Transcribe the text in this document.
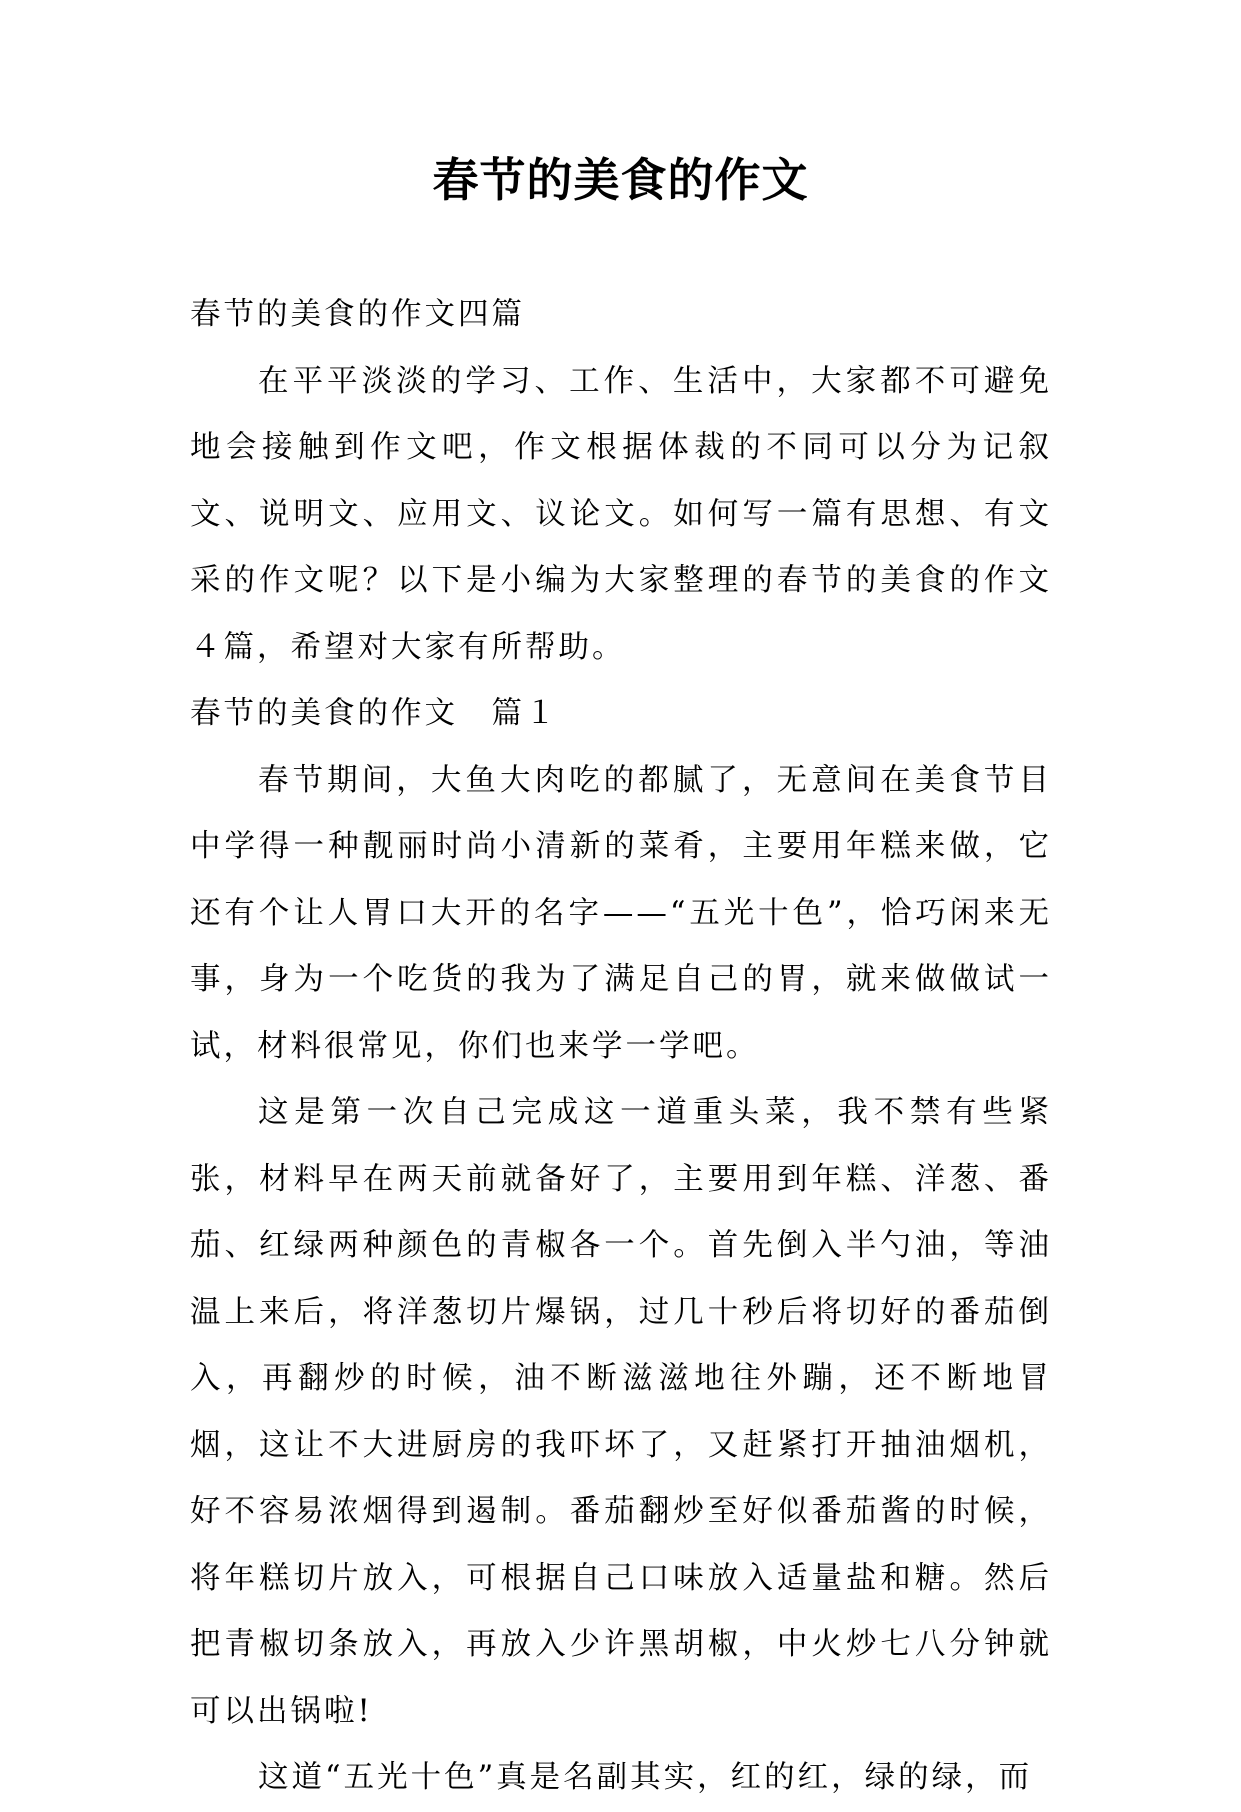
春节的美食的作文

春节的美食的作文四篇

在平平淡淡的学习、工作、生活中，大家都不可避免地会接触到作文吧，作文根据体裁的不同可以分为记叙文、说明文、应用文、议论文。如何写一篇有思想、有文采的作文呢？以下是小编为大家整理的春节的美食的作文４篇，希望对大家有所帮助。

春节的美食的作文　篇１

春节期间，大鱼大肉吃的都腻了，无意间在美食节目中学得一种靓丽时尚小清新的菜肴，主要用年糕来做，它还有个让人胃口大开的名字——“五光十色”，恰巧闲来无事，身为一个吃货的我为了满足自己的胃，就来做做试一试，材料很常见，你们也来学一学吧。

这是第一次自己完成这一道重头菜，我不禁有些紧张，材料早在两天前就备好了，主要用到年糕、洋葱、番茄、红绿两种颜色的青椒各一个。首先倒入半勺油，等油温上来后，将洋葱切片爆锅，过几十秒后将切好的番茄倒入，再翻炒的时候，油不断滋滋地往外蹦，还不断地冒烟，这让不大进厨房的我吓坏了，又赶紧打开抽油烟机，好不容易浓烟得到遏制。番茄翻炒至好似番茄酱的时候，将年糕切片放入，可根据自己口味放入适量盐和糖。然后把青椒切条放入，再放入少许黑胡椒，中火炒七八分钟就可以出锅啦!

这道“五光十色”真是名副其实，红的红，绿的绿，而
